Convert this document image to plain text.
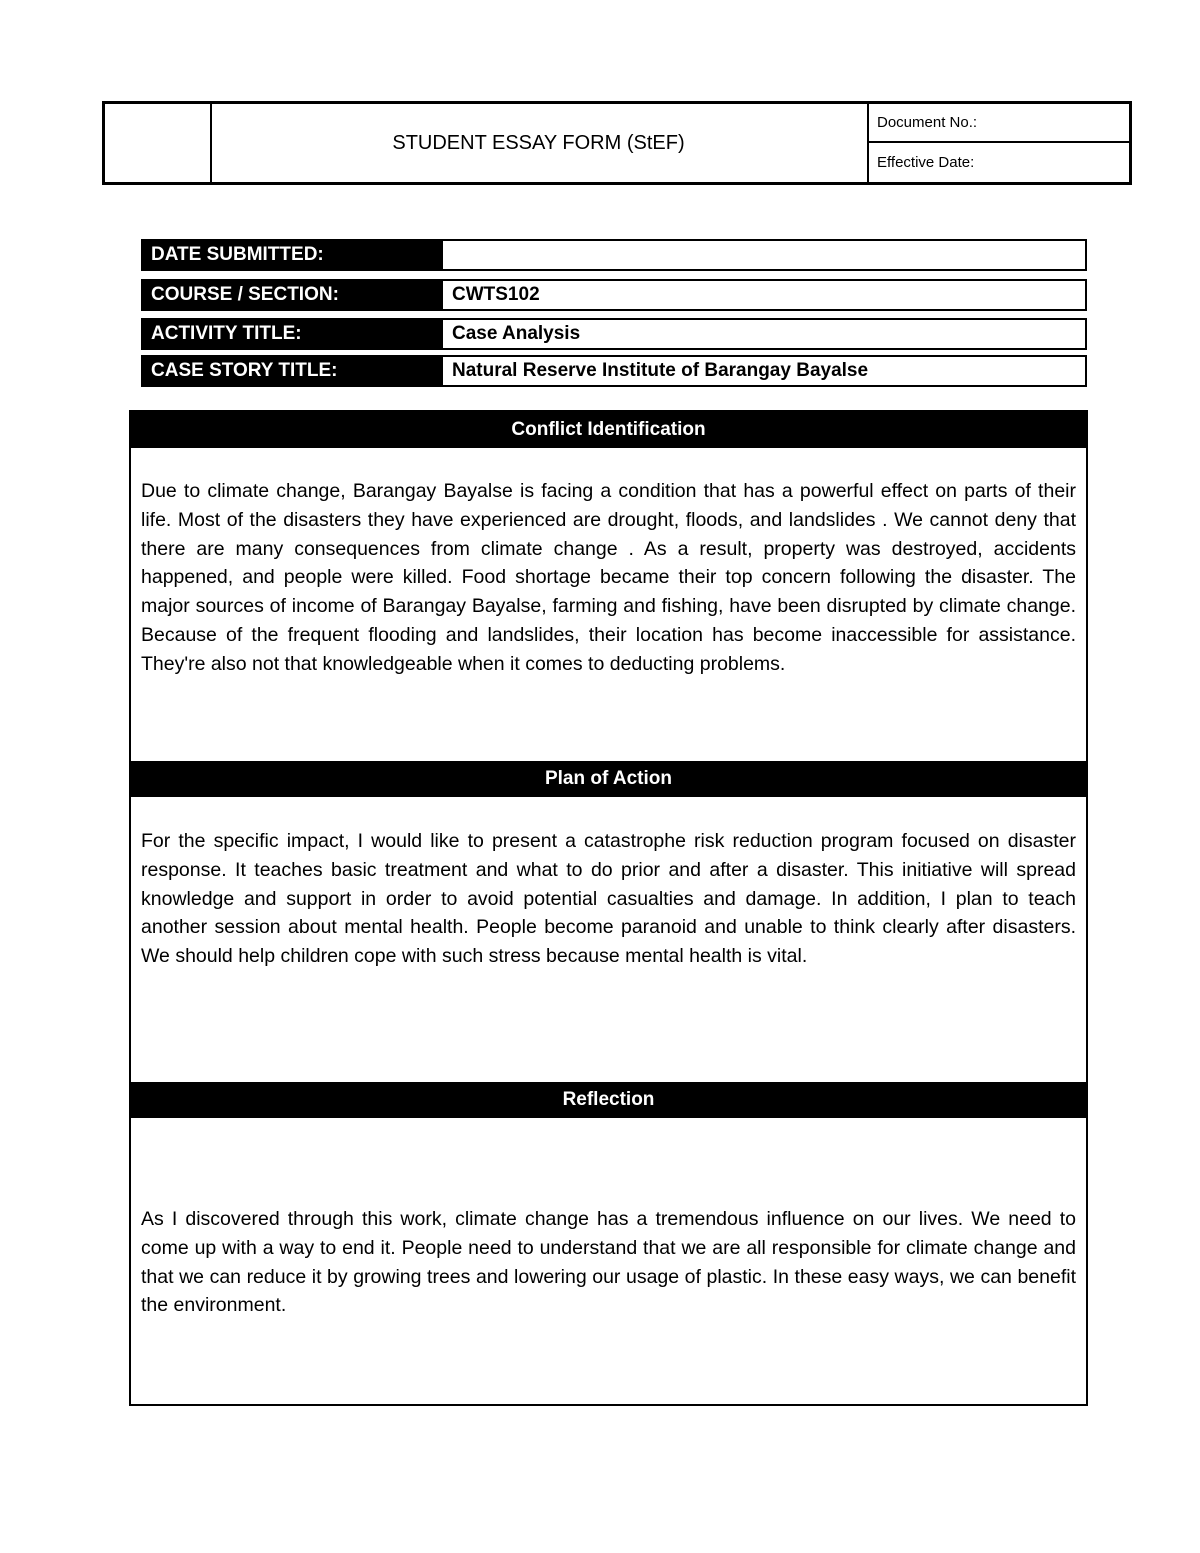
STUDENT ESSAY FORM (StEF)
Document No.:
Effective Date:
DATE SUBMITTED:
COURSE / SECTION:	CWTS102
ACTIVITY TITLE:	Case Analysis
CASE STORY TITLE:	Natural Reserve Institute of Barangay Bayalse
Conflict Identification
Due to climate change, Barangay Bayalse is facing a condition that has a powerful effect on parts of their life. Most of the disasters they have experienced are drought, floods, and landslides . We cannot deny that there are many consequences from climate change . As a result, property was destroyed, accidents happened, and people were killed. Food shortage became their top concern following the disaster. The major sources of income of Barangay Bayalse, farming and fishing, have been disrupted by climate change. Because of the frequent flooding and landslides, their location has become inaccessible for assistance. They're also not that knowledgeable when it comes to deducting problems.
Plan of Action
For the specific impact, I would like to present a catastrophe risk reduction program focused on disaster response. It teaches basic treatment and what to do prior and after a disaster. This initiative will spread knowledge and support in order to avoid potential casualties and damage. In addition, I plan to teach another session about mental health. People become paranoid and unable to think clearly after disasters. We should help children cope with such stress because mental health is vital.
Reflection
As I discovered through this work, climate change has a tremendous influence on our lives. We need to come up with a way to end it. People need to understand that we are all responsible for climate change and that we can reduce it by growing trees and lowering our usage of plastic. In these easy ways, we can benefit the environment.
